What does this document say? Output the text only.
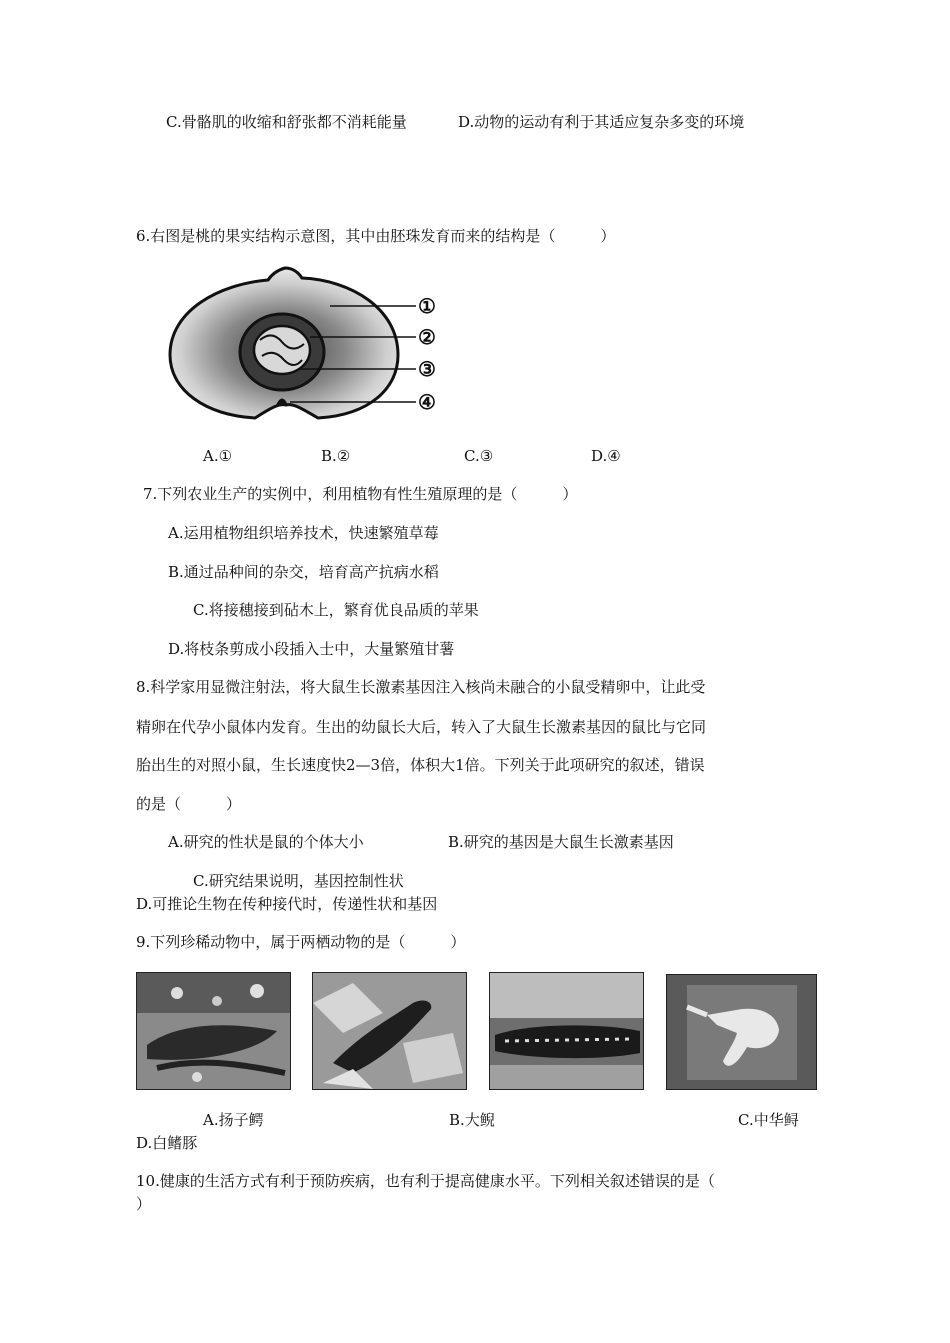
C.骨骼肌的收缩和舒张都不消耗能量	D.动物的运动有利于其适应复杂多变的环境
6.右图是桃的果实结构示意图，其中由胚珠发育而来的结构是（　　　）
①
②
③
④
A.①	B.②	C.③	D.④
7.下列农业生产的实例中，利用植物有性生殖原理的是（　　　）
A.运用植物组织培养技术，快速繁殖草莓
B.通过品种间的杂交，培育高产抗病水稻
C.将接穗接到砧木上，繁育优良品质的苹果
D.将枝条剪成小段插入士中，大量繁殖甘薯
8.科学家用显微注射法，将大鼠生长激素基因注入核尚未融合的小鼠受精卵中，让此受
精卵在代孕小鼠体内发育。生出的幼鼠长大后，转入了大鼠生长激素基因的鼠比与它同
胎出生的对照小鼠，生长速度快2—3倍，体积大1倍。下列关于此项研究的叙述，错误
的是（　　　）
A.研究的性状是鼠的个体大小	B.研究的基因是大鼠生长激素基因
C.研究结果说明，基因控制性状
D.可推论生物在传种接代时，传递性状和基因
9.下列珍稀动物中，属于两栖动物的是（　　　）
A.扬子鳄	B.大鲵	C.中华鲟
D.白鳍豚
10.健康的生活方式有利于预防疾病，也有利于提高健康水平。下列相关叙述错误的是（
）
